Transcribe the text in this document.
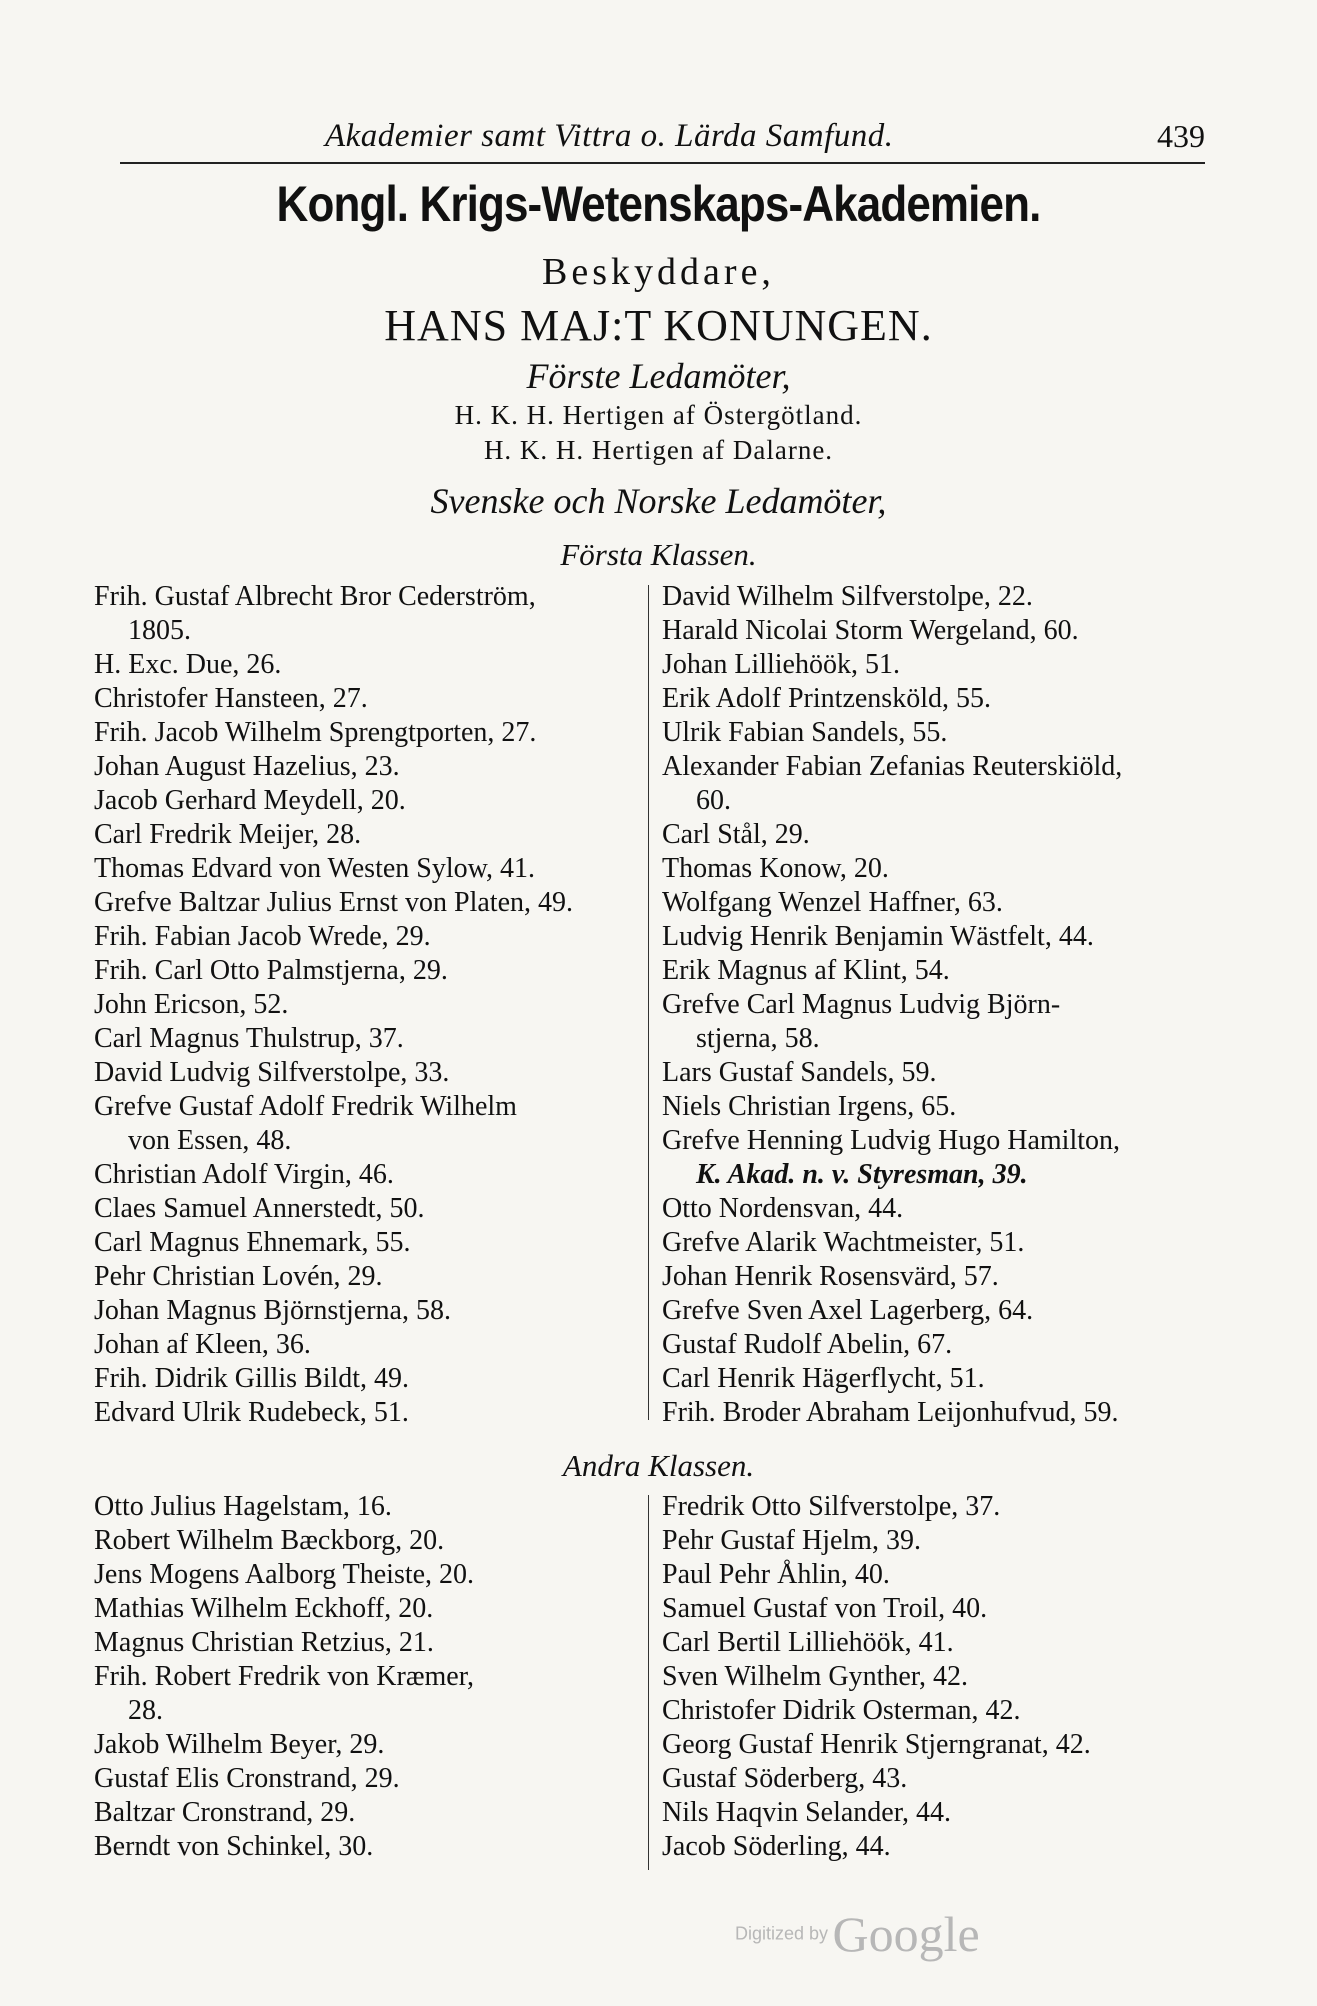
Akademier samt Vittra o. Lärda Samfund.	439
Kongl. Krigs-Wetenskaps-Akademien.
Beskyddare,
HANS MAJ:T KONUNGEN.
Förste Ledamöter,
H. K. H. Hertigen af Östergötland.
H. K. H. Hertigen af Dalarne.
Svenske och Norske Ledamöter,
Första Klassen.
Frih. Gustaf Albrecht Bror Cederström,
1805.
H. Exc. Due, 26.
Christofer Hansteen, 27.
Frih. Jacob Wilhelm Sprengtporten, 27.
Johan August Hazelius, 23.
Jacob Gerhard Meydell, 20.
Carl Fredrik Meijer, 28.
Thomas Edvard von Westen Sylow, 41.
Grefve Baltzar Julius Ernst von Platen, 49.
Frih. Fabian Jacob Wrede, 29.
Frih. Carl Otto Palmstjerna, 29.
John Ericson, 52.
Carl Magnus Thulstrup, 37.
David Ludvig Silfverstolpe, 33.
Grefve Gustaf Adolf Fredrik Wilhelm
von Essen, 48.
Christian Adolf Virgin, 46.
Claes Samuel Annerstedt, 50.
Carl Magnus Ehnemark, 55.
Pehr Christian Lovén, 29.
Johan Magnus Björnstjerna, 58.
Johan af Kleen, 36.
Frih. Didrik Gillis Bildt, 49.
Edvard Ulrik Rudebeck, 51.
David Wilhelm Silfverstolpe, 22.
Harald Nicolai Storm Wergeland, 60.
Johan Lilliehöök, 51.
Erik Adolf Printzensköld, 55.
Ulrik Fabian Sandels, 55.
Alexander Fabian Zefanias Reuterskiöld,
60.
Carl Stål, 29.
Thomas Konow, 20.
Wolfgang Wenzel Haffner, 63.
Ludvig Henrik Benjamin Wästfelt, 44.
Erik Magnus af Klint, 54.
Grefve Carl Magnus Ludvig Björn-
stjerna, 58.
Lars Gustaf Sandels, 59.
Niels Christian Irgens, 65.
Grefve Henning Ludvig Hugo Hamilton,
K. Akad. n. v. Styresman, 39.
Otto Nordensvan, 44.
Grefve Alarik Wachtmeister, 51.
Johan Henrik Rosensvärd, 57.
Grefve Sven Axel Lagerberg, 64.
Gustaf Rudolf Abelin, 67.
Carl Henrik Hägerflycht, 51.
Frih. Broder Abraham Leijonhufvud, 59.
Andra Klassen.
Otto Julius Hagelstam, 16.
Robert Wilhelm Bæckborg, 20.
Jens Mogens Aalborg Theiste, 20.
Mathias Wilhelm Eckhoff, 20.
Magnus Christian Retzius, 21.
Frih. Robert Fredrik von Kræmer,
28.
Jakob Wilhelm Beyer, 29.
Gustaf Elis Cronstrand, 29.
Baltzar Cronstrand, 29.
Berndt von Schinkel, 30.
Fredrik Otto Silfverstolpe, 37.
Pehr Gustaf Hjelm, 39.
Paul Pehr Åhlin, 40.
Samuel Gustaf von Troil, 40.
Carl Bertil Lilliehöök, 41.
Sven Wilhelm Gynther, 42.
Christofer Didrik Osterman, 42.
Georg Gustaf Henrik Stjerngranat, 42.
Gustaf Söderberg, 43.
Nils Haqvin Selander, 44.
Jacob Söderling, 44.
Digitized by Google
